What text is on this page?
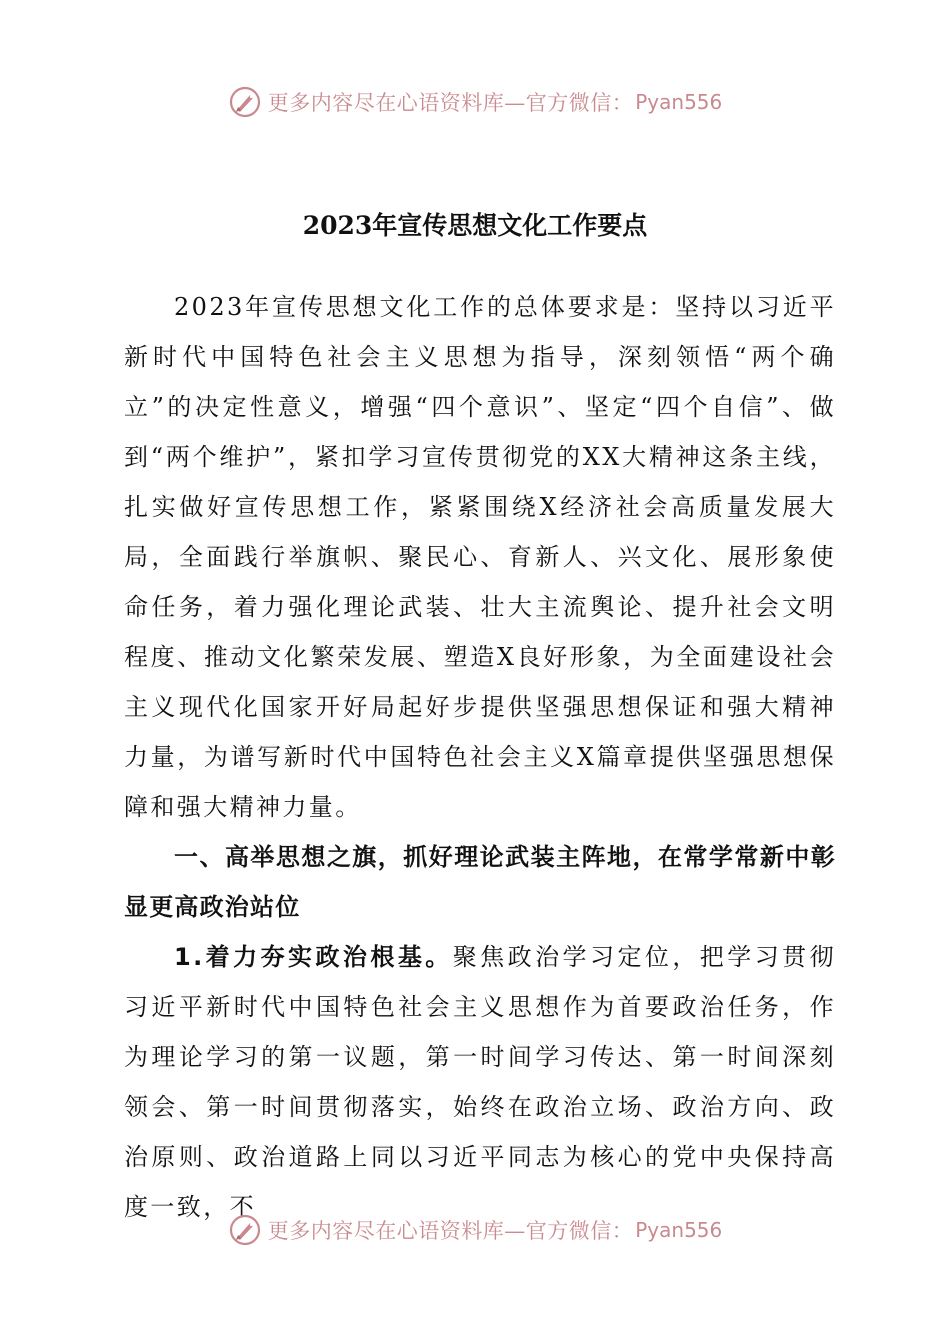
更多内容尽在心语资料库—官方微信： Pyan556
2023年宣传思想文化工作要点

2023年宣传思想文化工作的总体要求是：坚持以习近平新时代中国特色社会主义思想为指导，深刻领悟“两个确立”的决定性意义，增强“四个意识”、坚定“四个自信”、做到“两个维护”，紧扣学习宣传贯彻党的XX大精神这条主线，扎实做好宣传思想工作，紧紧围绕X经济社会高质量发展大局，全面践行举旗帜、聚民心、育新人、兴文化、展形象使命任务，着力强化理论武装、壮大主流舆论、提升社会文明程度、推动文化繁荣发展、塑造X良好形象，为全面建设社会主义现代化国家开好局起好步提供坚强思想保证和强大精神力量，为谱写新时代中国特色社会主义X篇章提供坚强思想保障和强大精神力量。

一、高举思想之旗，抓好理论武装主阵地，在常学常新中彰显更高政治站位

1.着力夯实政治根基。聚焦政治学习定位，把学习贯彻习近平新时代中国特色社会主义思想作为首要政治任务，作为理论学习的第一议题，第一时间学习传达、第一时间深刻领会、第一时间贯彻落实，始终在政治立场、政治方向、政治原则、政治道路上同以习近平同志为核心的党中央保持高度一致，不

更多内容尽在心语资料库—官方微信： Pyan556
